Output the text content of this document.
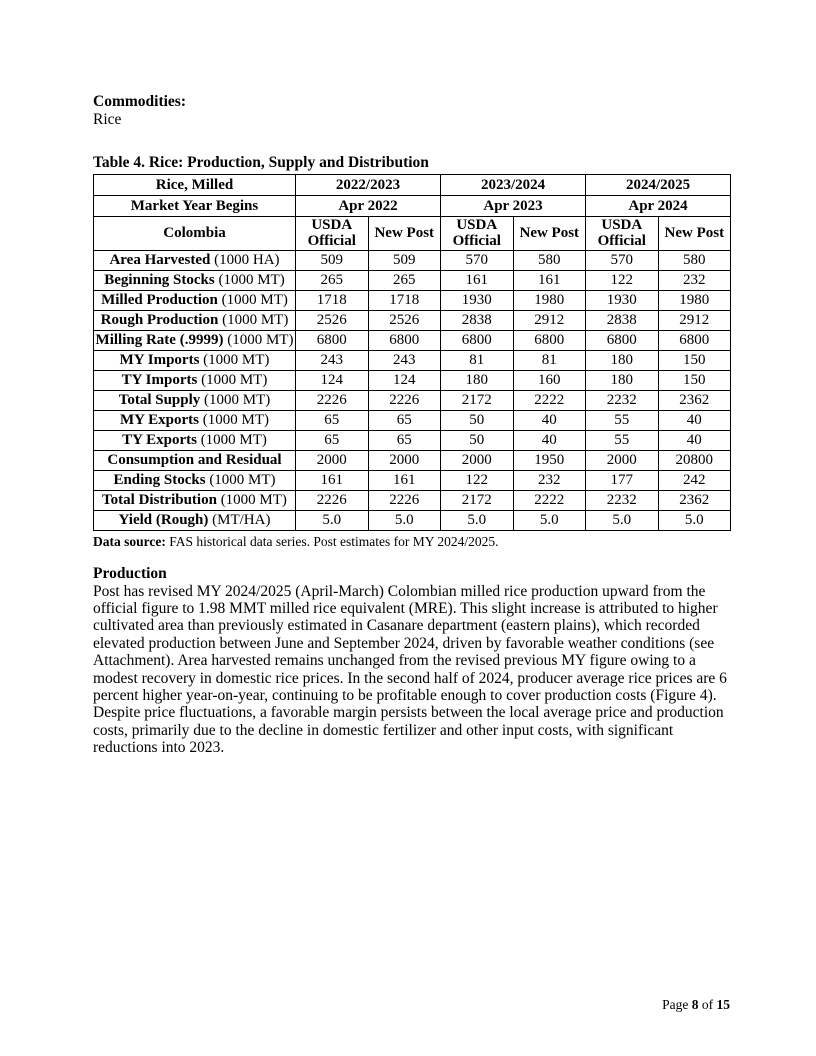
Commodities:
Rice
Table 4. Rice: Production, Supply and Distribution
Rice, Milled	2022/2023		2023/2024		2024/2025	
Market Year Begins	Apr 2022		Apr 2023		Apr 2024	
Colombia	USDA Official	New Post	USDA Official	New Post	USDA Official	New Post
Area Harvested (1000 HA)	509	509	570	580	570	580
Beginning Stocks (1000 MT)	265	265	161	161	122	232
Milled Production (1000 MT)	1718	1718	1930	1980	1930	1980
Rough Production (1000 MT)	2526	2526	2838	2912	2838	2912
Milling Rate (.9999) (1000 MT)	6800	6800	6800	6800	6800	6800
MY Imports (1000 MT)	243	243	81	81	180	150
TY Imports (1000 MT)	124	124	180	160	180	150
Total Supply (1000 MT)	2226	2226	2172	2222	2232	2362
MY Exports (1000 MT)	65	65	50	40	55	40
TY Exports (1000 MT)	65	65	50	40	55	40
Consumption and Residual	2000	2000	2000	1950	2000	20800
Ending Stocks (1000 MT)	161	161	122	232	177	242
Total Distribution (1000 MT)	2226	2226	2172	2222	2232	2362
Yield (Rough) (MT/HA)	5.0	5.0	5.0	5.0	5.0	5.0
Data source: FAS historical data series. Post estimates for MY 2024/2025.
Production
Post has revised MY 2024/2025 (April-March) Colombian milled rice production upward from the official figure to 1.98 MMT milled rice equivalent (MRE). This slight increase is attributed to higher cultivated area than previously estimated in Casanare department (eastern plains), which recorded elevated production between June and September 2024, driven by favorable weather conditions (see Attachment). Area harvested remains unchanged from the revised previous MY figure owing to a modest recovery in domestic rice prices. In the second half of 2024, producer average rice prices are 6 percent higher year-on-year, continuing to be profitable enough to cover production costs (Figure 4). Despite price fluctuations, a favorable margin persists between the local average price and production costs, primarily due to the decline in domestic fertilizer and other input costs, with significant reductions into 2023.
Page 8 of 15
